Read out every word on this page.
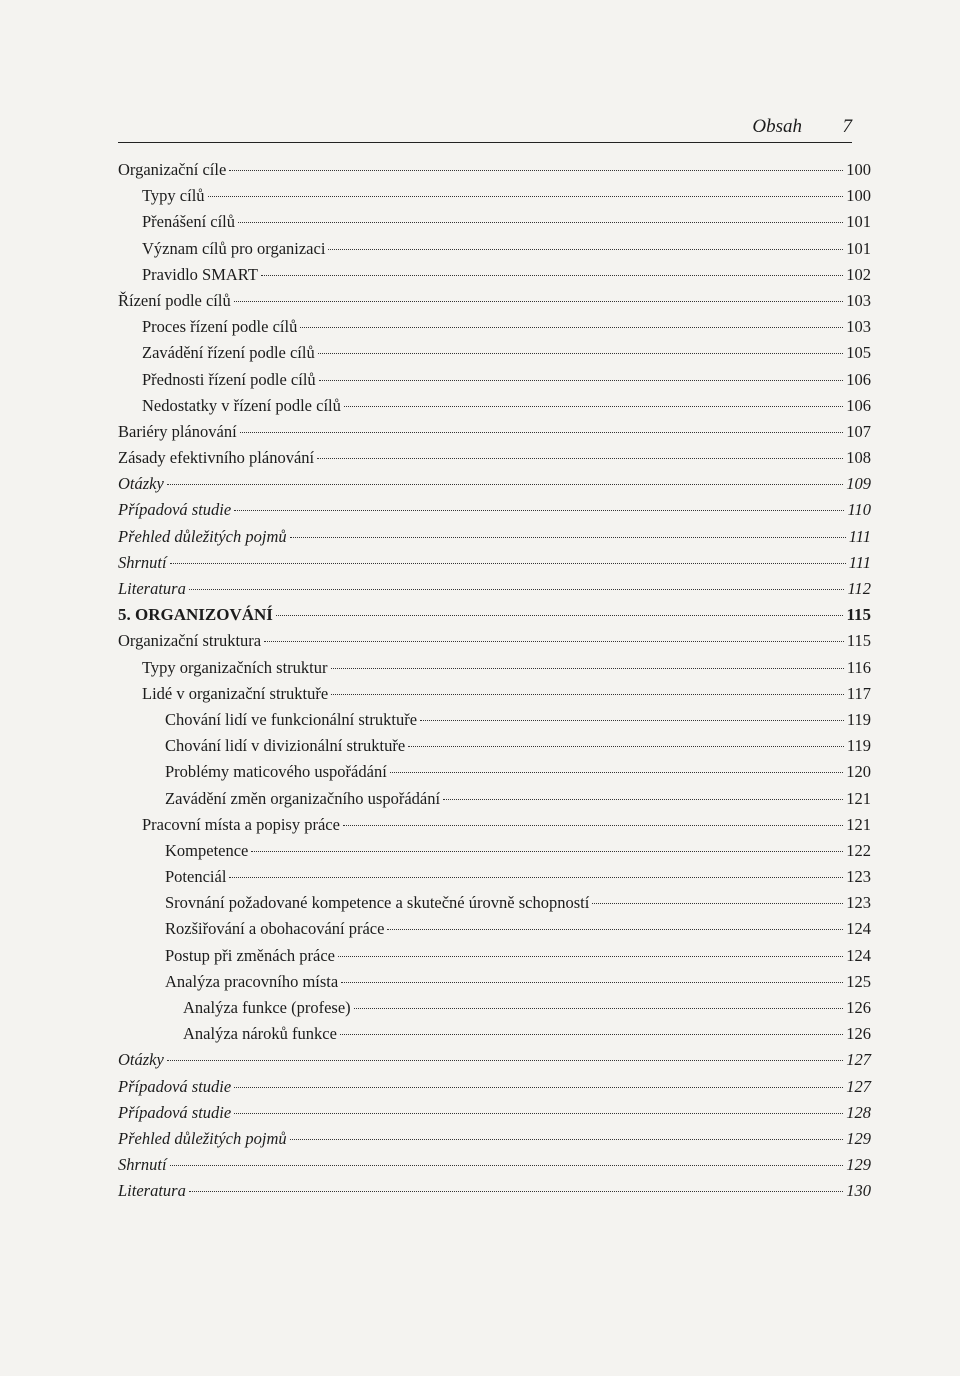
Obsah 7
Organizační cíle	100
Typy cílů	100
Přenášení cílů	101
Význam cílů pro organizaci	101
Pravidlo SMART	102
Řízení podle cílů	103
Proces řízení podle cílů	103
Zavádění řízení podle cílů	105
Přednosti řízení podle cílů	106
Nedostatky v řízení podle cílů	106
Bariéry plánování	107
Zásady efektivního plánování	108
Otázky	109
Případová studie	110
Přehled důležitých pojmů	111
Shrnutí	111
Literatura	112
5. ORGANIZOVÁNÍ	115
Organizační struktura	115
Typy organizačních struktur	116
Lidé v organizační struktuře	117
Chování lidí ve funkcionální struktuře	119
Chování lidí v divizionální struktuře	119
Problémy maticového uspořádání	120
Zavádění změn organizačního uspořádání	121
Pracovní místa a popisy práce	121
Kompetence	122
Potenciál	123
Srovnání požadované kompetence a skutečné úrovně schopností	123
Rozšiřování a obohacování práce	124
Postup při změnách práce	124
Analýza pracovního místa	125
Analýza funkce (profese)	126
Analýza nároků funkce	126
Otázky	127
Případová studie	127
Případová studie	128
Přehled důležitých pojmů	129
Shrnutí	129
Literatura	130
